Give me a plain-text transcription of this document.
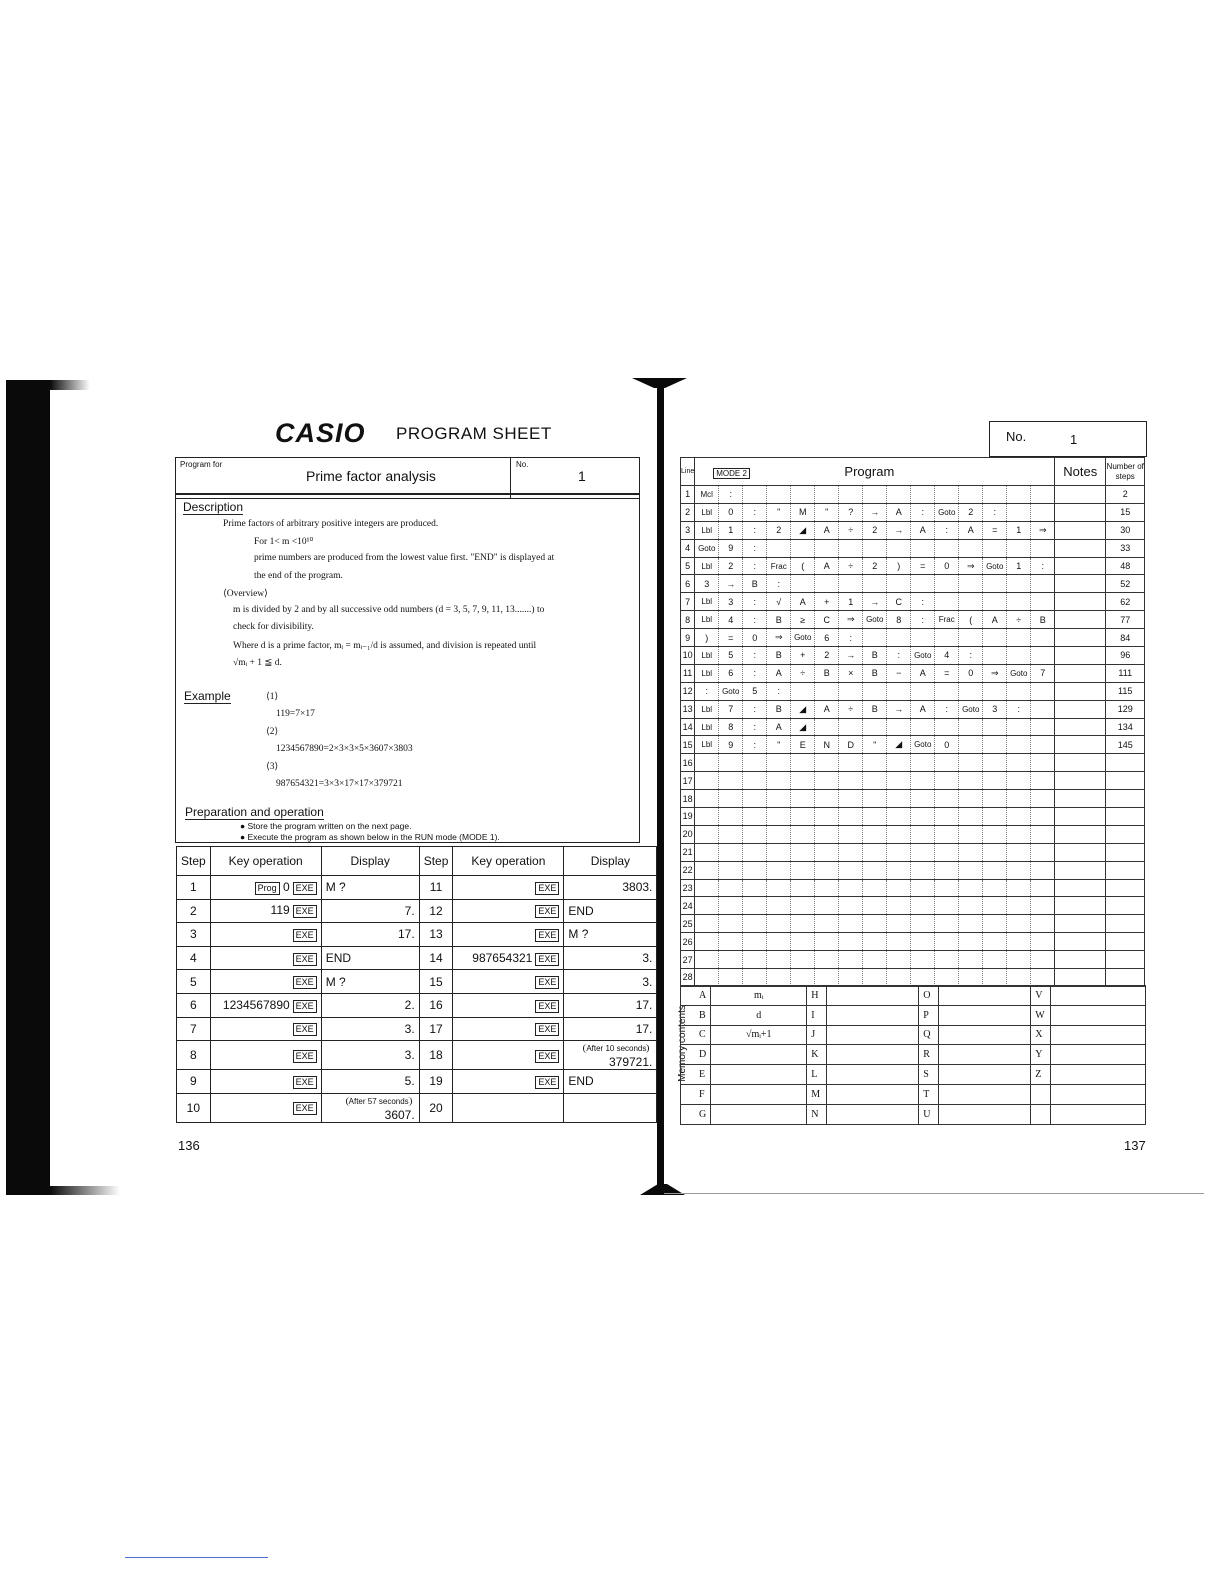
CASIO PROGRAM SHEET
Program for
Prime factor analysis
No.
1
Description
Prime factors of arbitrary positive integers are produced.
For 1< m <10¹⁰
prime numbers are produced from the lowest value first. "END" is displayed at
the end of the program.
⟨Overview⟩
m is divided by 2 and by all successive odd numbers (d = 3, 5, 7, 9, 11, 13.......) to
check for divisibility.
Where d is a prime factor, mᵢ = mᵢ₋₁/d is assumed, and division is repeated until
√mᵢ + 1 ≦ d.
Example	⟨1⟩
119=7×17
⟨2⟩
1234567890=2×3×3×5×3607×3803
⟨3⟩
987654321=3×3×17×17×379721
Preparation and operation
● Store the program written on the next page.
● Execute the program as shown below in the RUN mode (MODE 1).
Step	Key operation	Display	Step	Key operation	Display
1	Prog 0 EXE	M ?	11	EXE	3803.
2	119 EXE	7.	12	EXE	END
3	EXE	17.	13	EXE	M ?
4	EXE	END	14	987654321 EXE	3.
5	EXE	M ?	15	EXE	3.
6	1234567890 EXE	2.	16	EXE	17.
7	EXE	3.	17	EXE	17.
8	EXE	3.	18	EXE	After 10 seconds379721.
9	EXE	5.	19	EXE	END
10	EXE	After 57 seconds3607.	20		
136
No.	1
Line	MODE 2 Program															Notes	Number of steps
1	Mcl	:															2
2	Lbl	0	:	"	M	"	?	→	A	:	Goto	2	:				15
3	Lbl	1	:	2	◢	A	÷	2	→	A	:	A	=	1	⇒		30
4	Goto	9	:														33
5	Lbl	2	:	Frac	(	A	÷	2	)	=	0	⇒	Goto	1	:		48
6	3	→	B	:													52
7	Lbl	3	:	√	A	+	1	→	C	:							62
8	Lbl	4	:	B	≥	C	⇒	Goto	8	:	Frac	(	A	÷	B		77
9	)	=	0	⇒	Goto	6	:										84
10	Lbl	5	:	B	+	2	→	B	:	Goto	4	:					96
11	Lbl	6	:	A	÷	B	×	B	−	A	=	0	⇒	Goto	7		111
12	:	Goto	5	:													115
13	Lbl	7	:	B	◢	A	÷	B	→	A	:	Goto	3	:			129
14	Lbl	8	:	A	◢												134
15	Lbl	9	:	"	E	N	D	"	◢	Goto	0						145
16																	
17																	
18																	
19																	
20																	
21																	
22																	
23																	
24																	
25																	
26																	
27																	
28																	
Memory contents
A	mᵢ	H		O		V	
B	d	I		P		W	
C	√mᵢ+1	J		Q		X	
D		K		R		Y	
E		L		S		Z	
F		M		T			
G		N		U			
137
